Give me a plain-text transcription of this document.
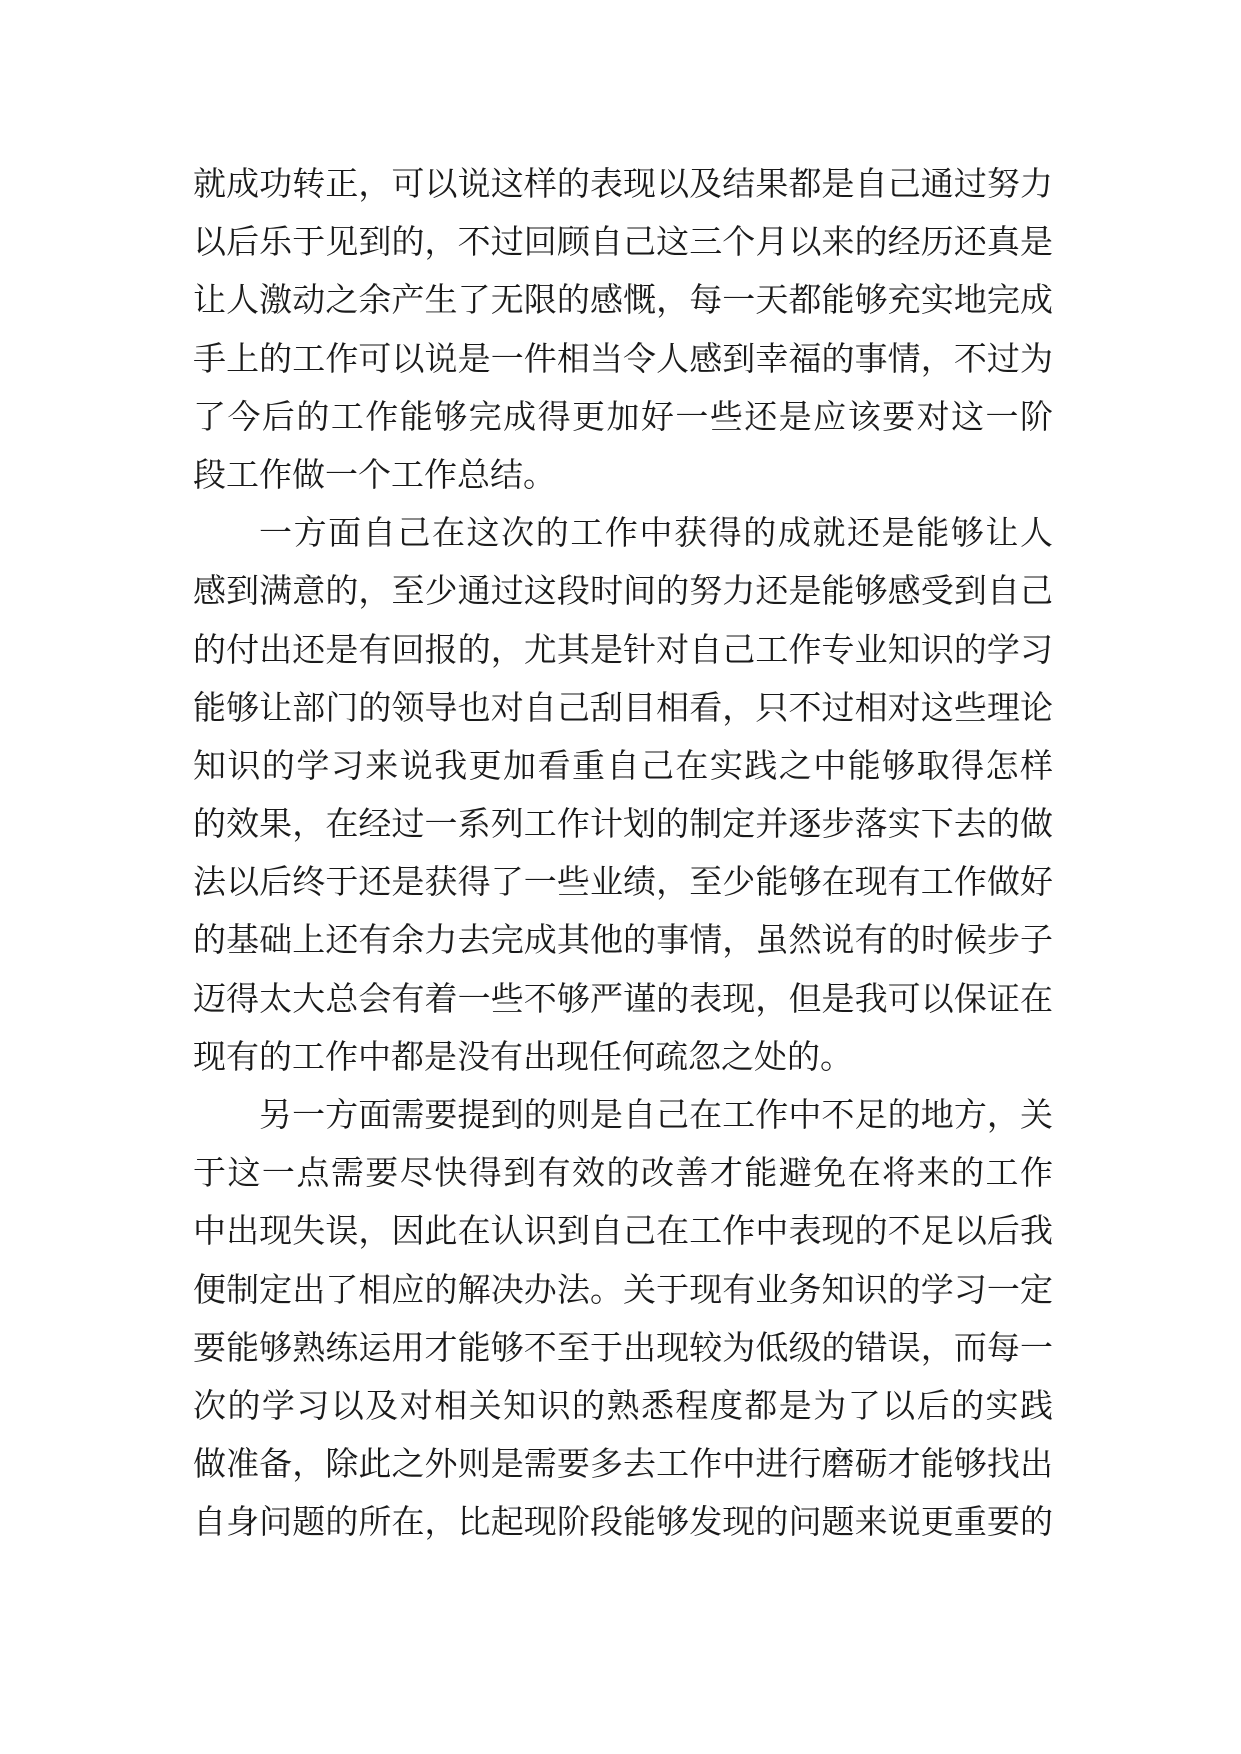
就成功转正，可以说这样的表现以及结果都是自己通过努力
以后乐于见到的，不过回顾自己这三个月以来的经历还真是
让人激动之余产生了无限的感慨，每一天都能够充实地完成
手上的工作可以说是一件相当令人感到幸福的事情，不过为
了今后的工作能够完成得更加好一些还是应该要对这一阶
段工作做一个工作总结。
一方面自己在这次的工作中获得的成就还是能够让人
感到满意的，至少通过这段时间的努力还是能够感受到自己
的付出还是有回报的，尤其是针对自己工作专业知识的学习
能够让部门的领导也对自己刮目相看，只不过相对这些理论
知识的学习来说我更加看重自己在实践之中能够取得怎样
的效果，在经过一系列工作计划的制定并逐步落实下去的做
法以后终于还是获得了一些业绩，至少能够在现有工作做好
的基础上还有余力去完成其他的事情，虽然说有的时候步子
迈得太大总会有着一些不够严谨的表现，但是我可以保证在
现有的工作中都是没有出现任何疏忽之处的。
另一方面需要提到的则是自己在工作中不足的地方，关
于这一点需要尽快得到有效的改善才能避免在将来的工作
中出现失误，因此在认识到自己在工作中表现的不足以后我
便制定出了相应的解决办法。关于现有业务知识的学习一定
要能够熟练运用才能够不至于出现较为低级的错误，而每一
次的学习以及对相关知识的熟悉程度都是为了以后的实践
做准备，除此之外则是需要多去工作中进行磨砺才能够找出
自身问题的所在，比起现阶段能够发现的问题来说更重要的
